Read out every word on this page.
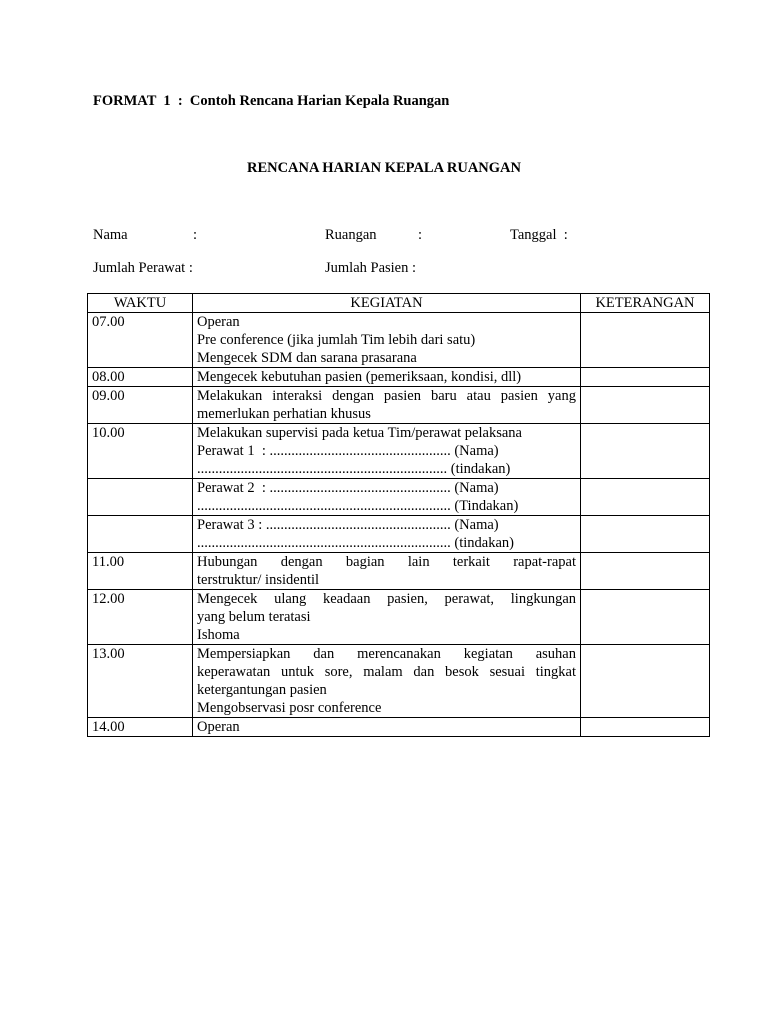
FORMAT  1  :  Contoh Rencana Harian Kepala Ruangan
RENCANA HARIAN KEPALA RUANGAN
Nama	:	Ruangan	:	Tanggal  :
Jumlah Perawat :	Jumlah Pasien :
WAKTU	KEGIATAN	KETERANGAN
07.00	Operan
Pre conference (jika jumlah Tim lebih dari satu)
Mengecek SDM dan sarana prasarana	

08.00	Mengecek kebutuhan pasien (pemeriksaan, kondisi, dll)	

09.00	Melakukan interaksi dengan pasien baru atau pasien yang
memerlukan perhatian khusus	

10.00	Melakukan supervisi pada ketua Tim/perawat pelaksana
Perawat 1  : .................................................. (Nama)
..................................................................... (tindakan)	

	Perawat 2  : .................................................. (Nama)
...................................................................... (Tindakan)	

	Perawat 3 : ................................................... (Nama)
...................................................................... (tindakan)	

11.00	Hubungan dengan bagian lain terkait rapat-rapat
terstruktur/ insidentil	

12.00	Mengecek ulang keadaan pasien, perawat, lingkungan
yang belum teratasi
Ishoma	

13.00	Mempersiapkan dan merencanakan kegiatan asuhan
keperawatan untuk sore, malam dan besok sesuai tingkat
ketergantungan pasien
Mengobservasi posr conference	

14.00	Operan	
